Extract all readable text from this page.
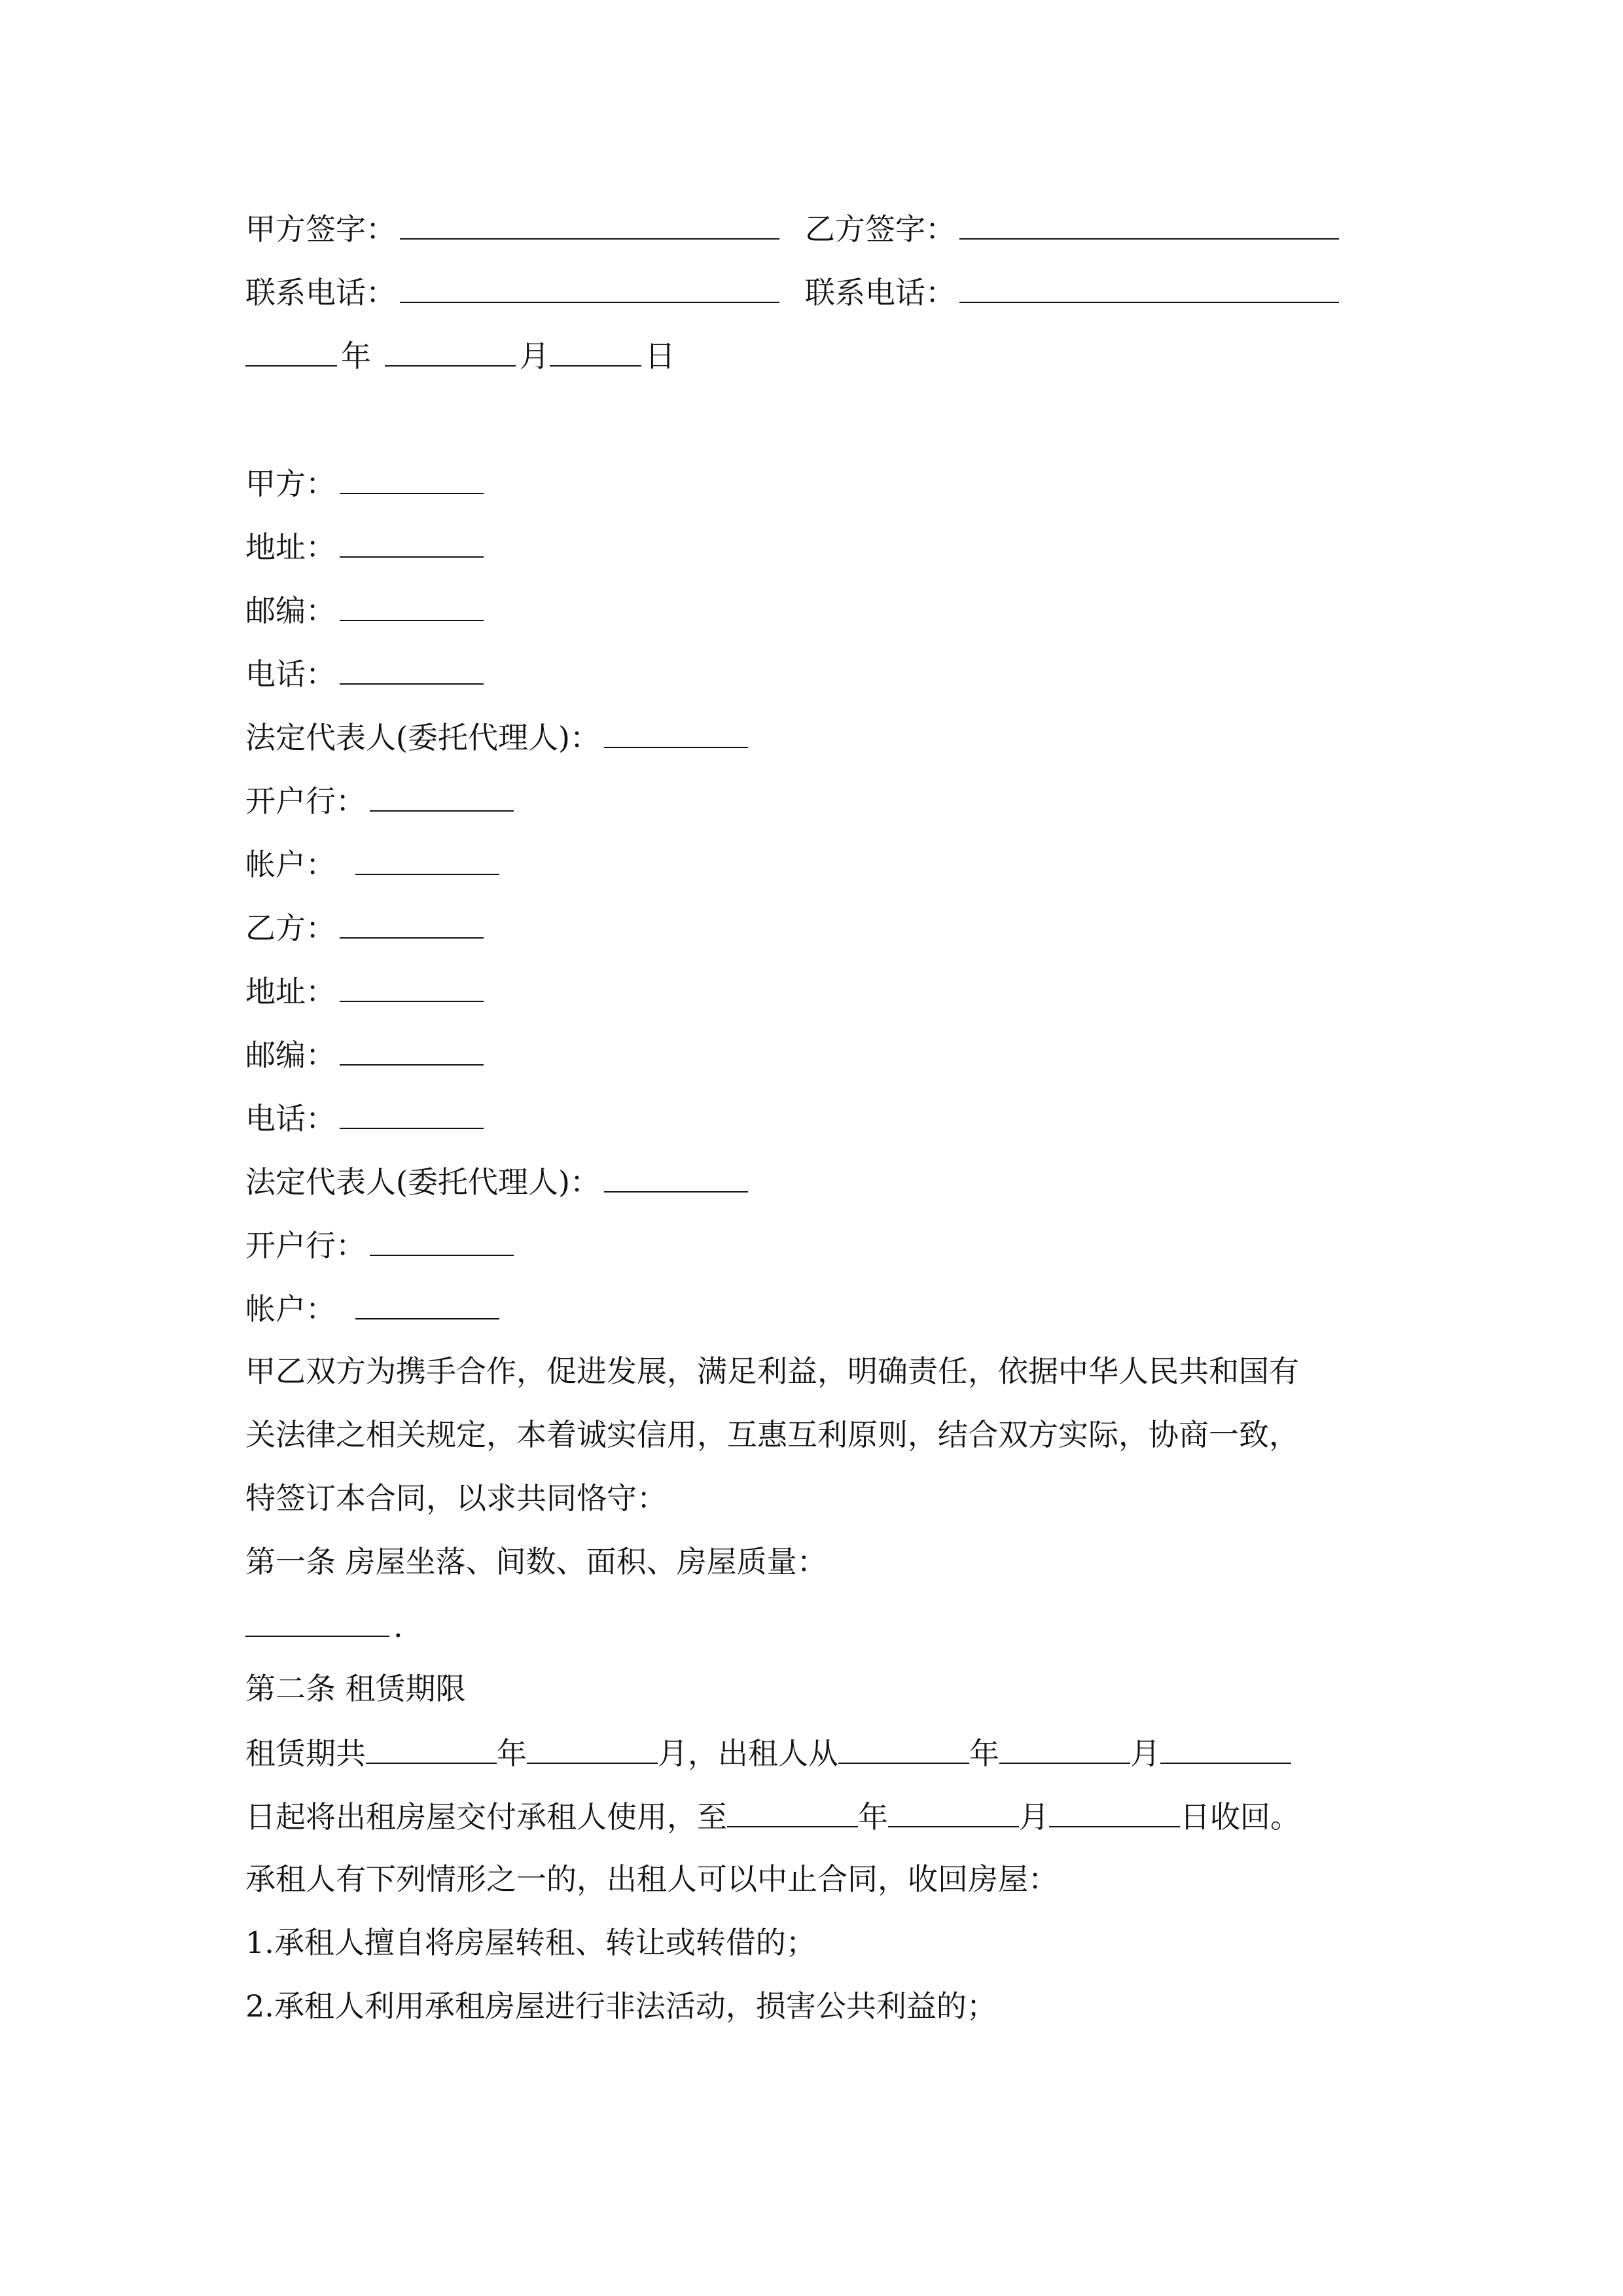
甲方签字：	乙方签字：
联系电话：	联系电话：
年	月	日
甲方：
地址：
邮编：
电话：
法定代表人(委托代理人)：
开户行：
帐户：
乙方：
地址：
邮编：
电话：
法定代表人(委托代理人)：
开户行：
帐户：
甲乙双方为携手合作，促进发展，满足利益，明确责任，依据中华人民共和国有
关法律之相关规定，本着诚实信用，互惠互利原则，结合双方实际，协商一致，
特签订本合同，以求共同恪守：
第一条 房屋坐落、间数、面积、房屋质量：
.
第二条 租赁期限
租赁期共	年	月，出租人从	年	月
日起将出租房屋交付承租人使用，至	年	月	日收回。
承租人有下列情形之一的，出租人可以中止合同，收回房屋：
1.承租人擅自将房屋转租、转让或转借的；
2.承租人利用承租房屋进行非法活动，损害公共利益的；
